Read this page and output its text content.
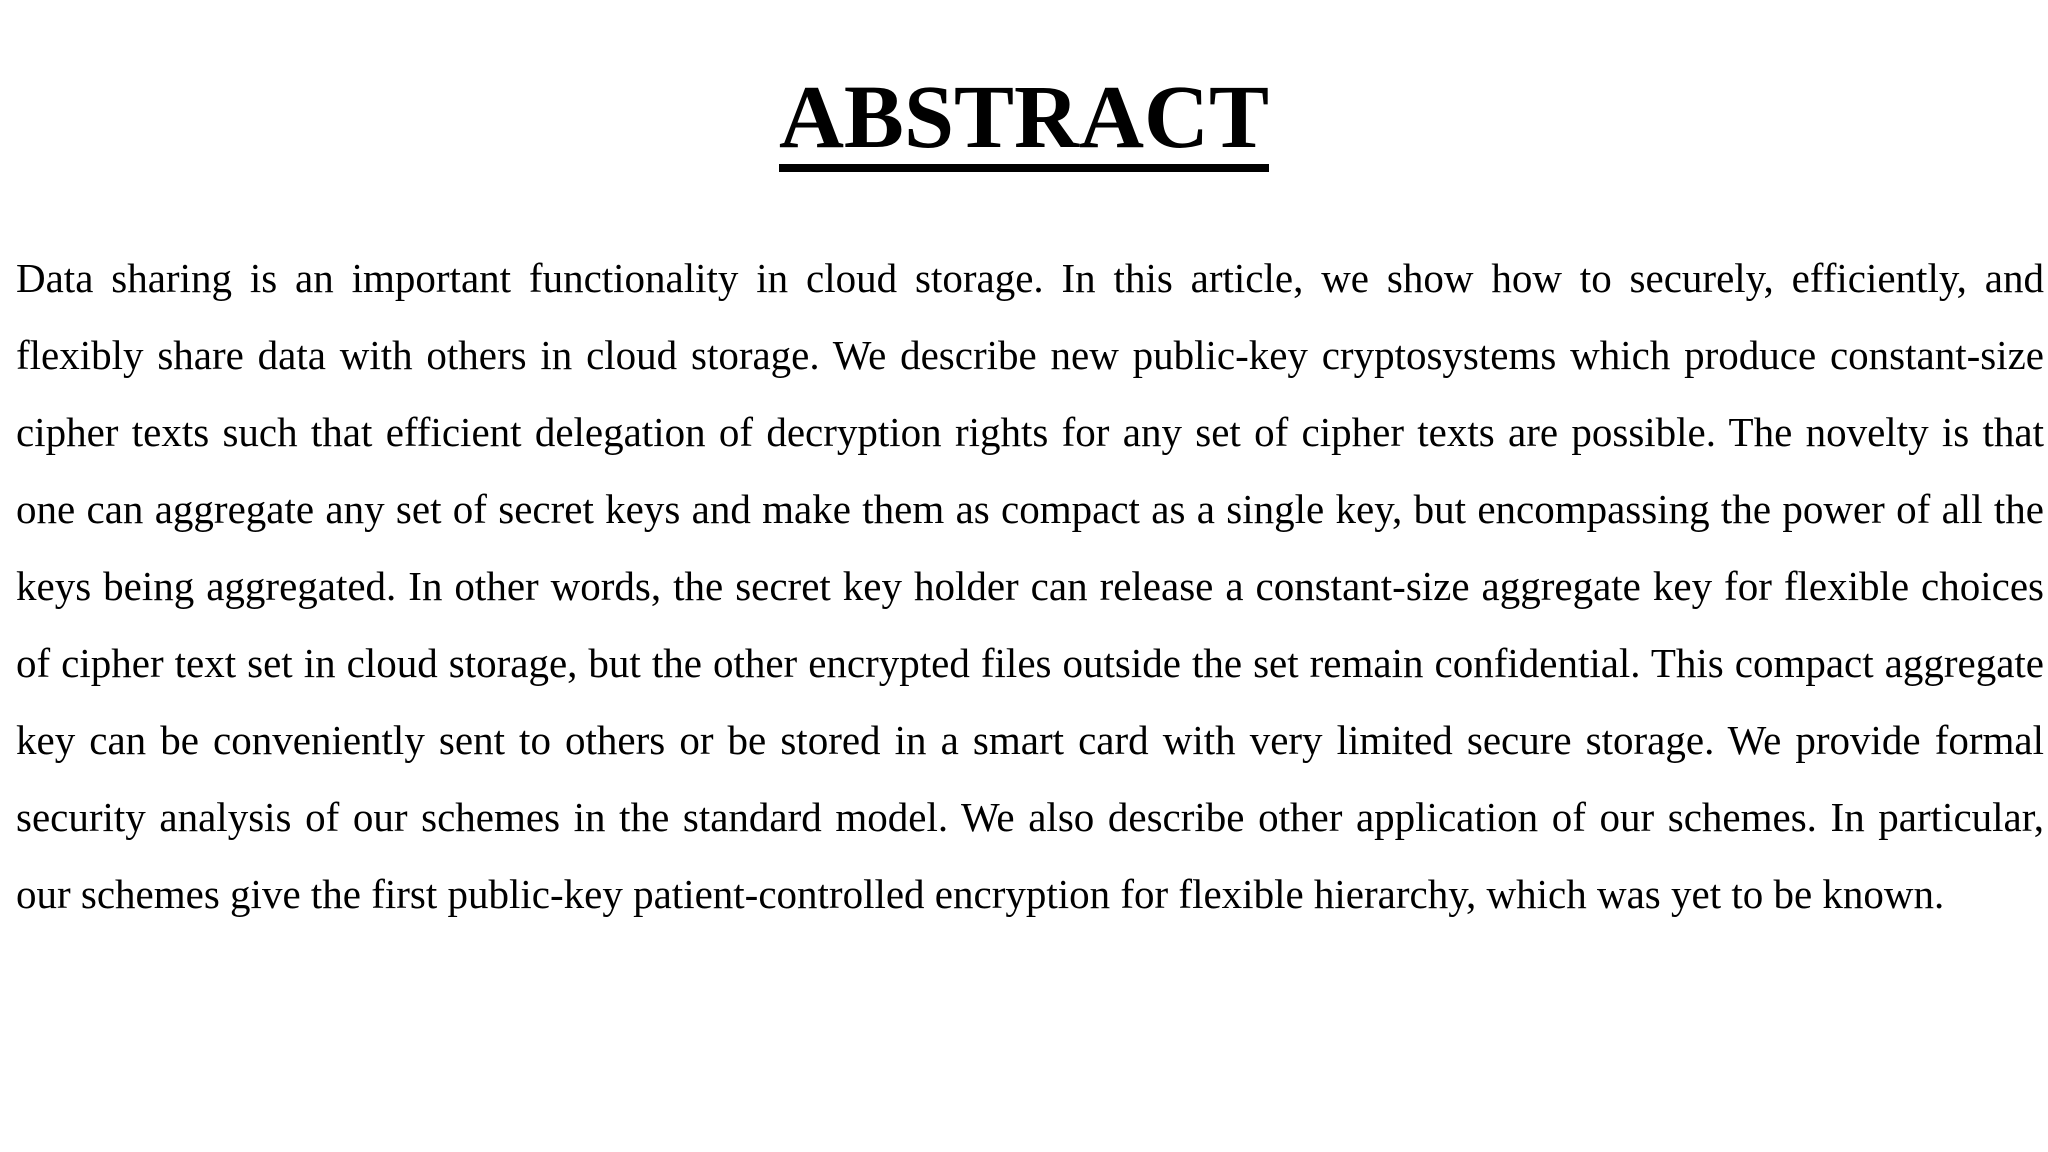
ABSTRACT

Data sharing is an important functionality in cloud storage. In this article, we show how to securely, efficiently, and flexibly share data with others in cloud storage. We describe new public-key cryptosystems which produce constant-size cipher texts such that efficient delegation of decryption rights for any set of cipher texts are possible. The novelty is that one can aggregate any set of secret keys and make them as compact as a single key, but encompassing the power of all the keys being aggregated. In other words, the secret key holder can release a constant-size aggregate key for flexible choices of cipher text set in cloud storage, but the other encrypted files outside the set remain confidential. This compact aggregate key can be conveniently sent to others or be stored in a smart card with very limited secure storage. We provide formal security analysis of our schemes in the standard model. We also describe other application of our schemes. In particular, our schemes give the first public-key patient-controlled encryption for flexible hierarchy, which was yet to be known.
